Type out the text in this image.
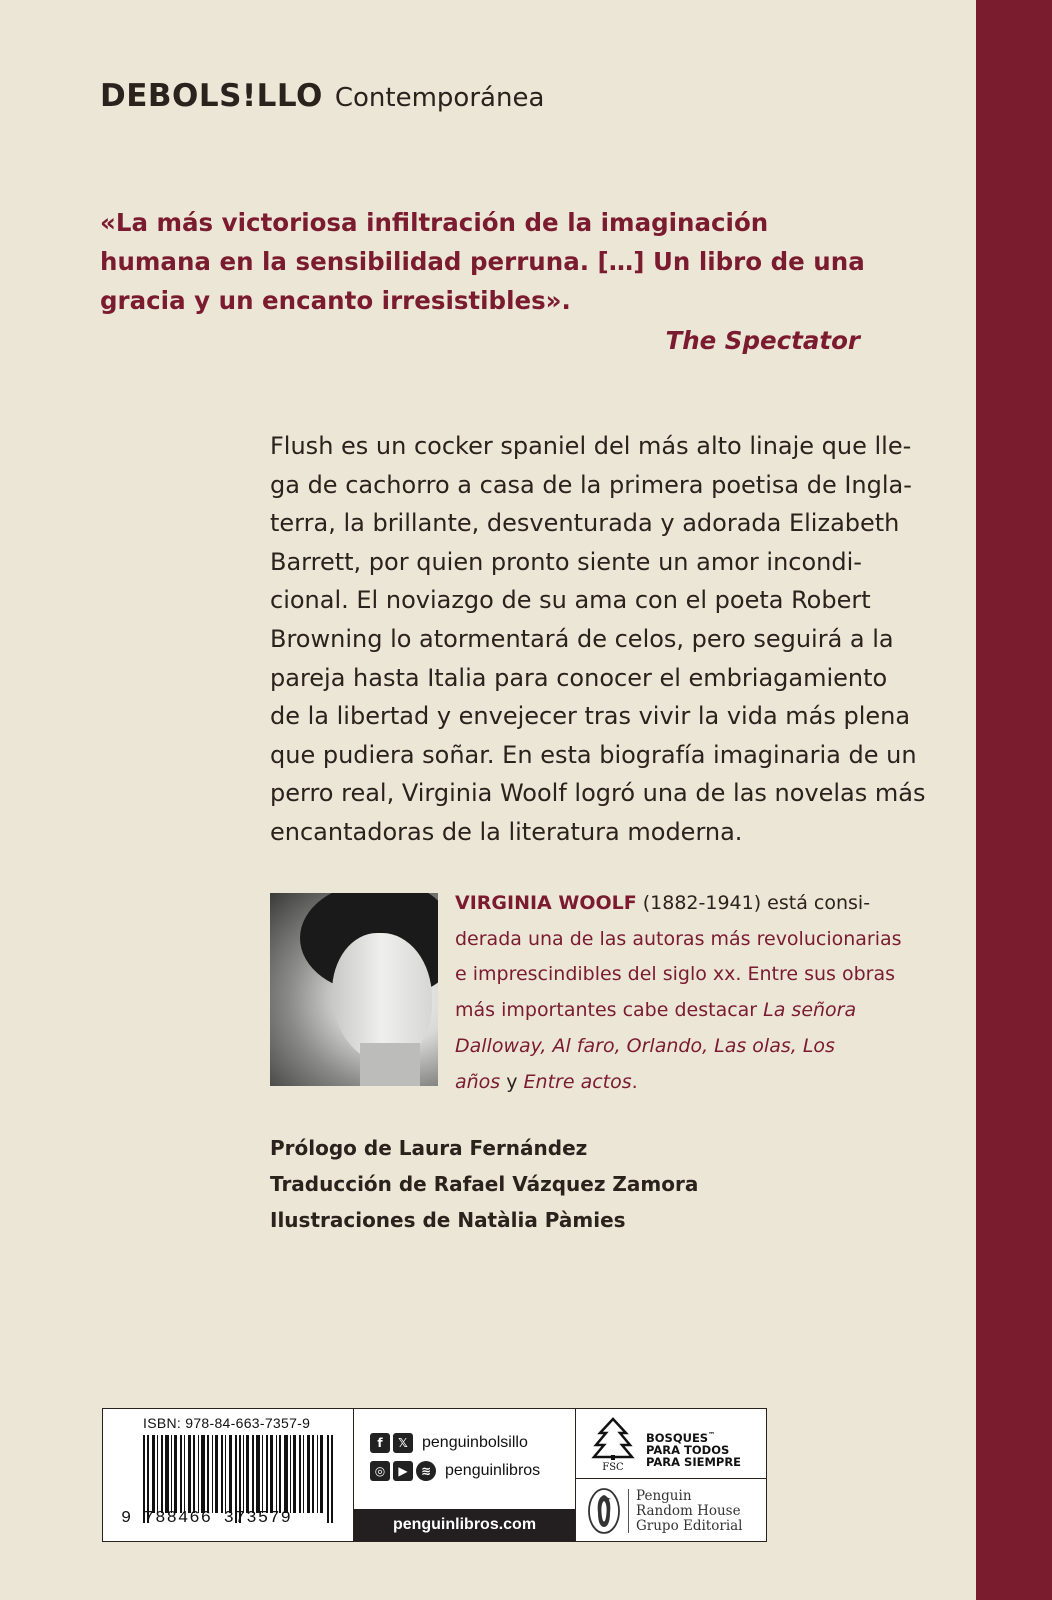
DEBOLS!LLO Contemporánea
«La más victoriosa infiltración de la imaginación humana en la sensibilidad perruna. […] Un libro de una gracia y un encanto irresistibles».
The Spectator
Flush es un cocker spaniel del más alto linaje que lle-
ga de cachorro a casa de la primera poetisa de Ingla-
terra, la brillante, desventurada y adorada Elizabeth
Barrett, por quien pronto siente un amor incondi-
cional. El noviazgo de su ama con el poeta Robert
Browning lo atormentará de celos, pero seguirá a la
pareja hasta Italia para conocer el embriagamiento
de la libertad y envejecer tras vivir la vida más plena
que pudiera soñar. En esta biografía imaginaria de un
perro real, Virginia Woolf logró una de las novelas más
encantadoras de la literatura moderna.
VIRGINIA WOOLF (1882-1941) está consi-
derada una de las autoras más revolucionarias
e imprescindibles del siglo xx. Entre sus obras
más importantes cabe destacar La señora
Dalloway, Al faro, Orlando, Las olas, Los
años y Entre actos.
Prólogo de Laura Fernández
Traducción de Rafael Vázquez Zamora
Ilustraciones de Natàlia Pàmies
ISBN: 978-84-663-7357-9
9 788466 373579
f	𝕏 penguinbolsillo
◎	▶	≋ penguinlibros
penguinlibros.com
FSC
BOSQUES™
PARA TODOS
PARA SIEMPRE
Penguin
Random House
Grupo Editorial
